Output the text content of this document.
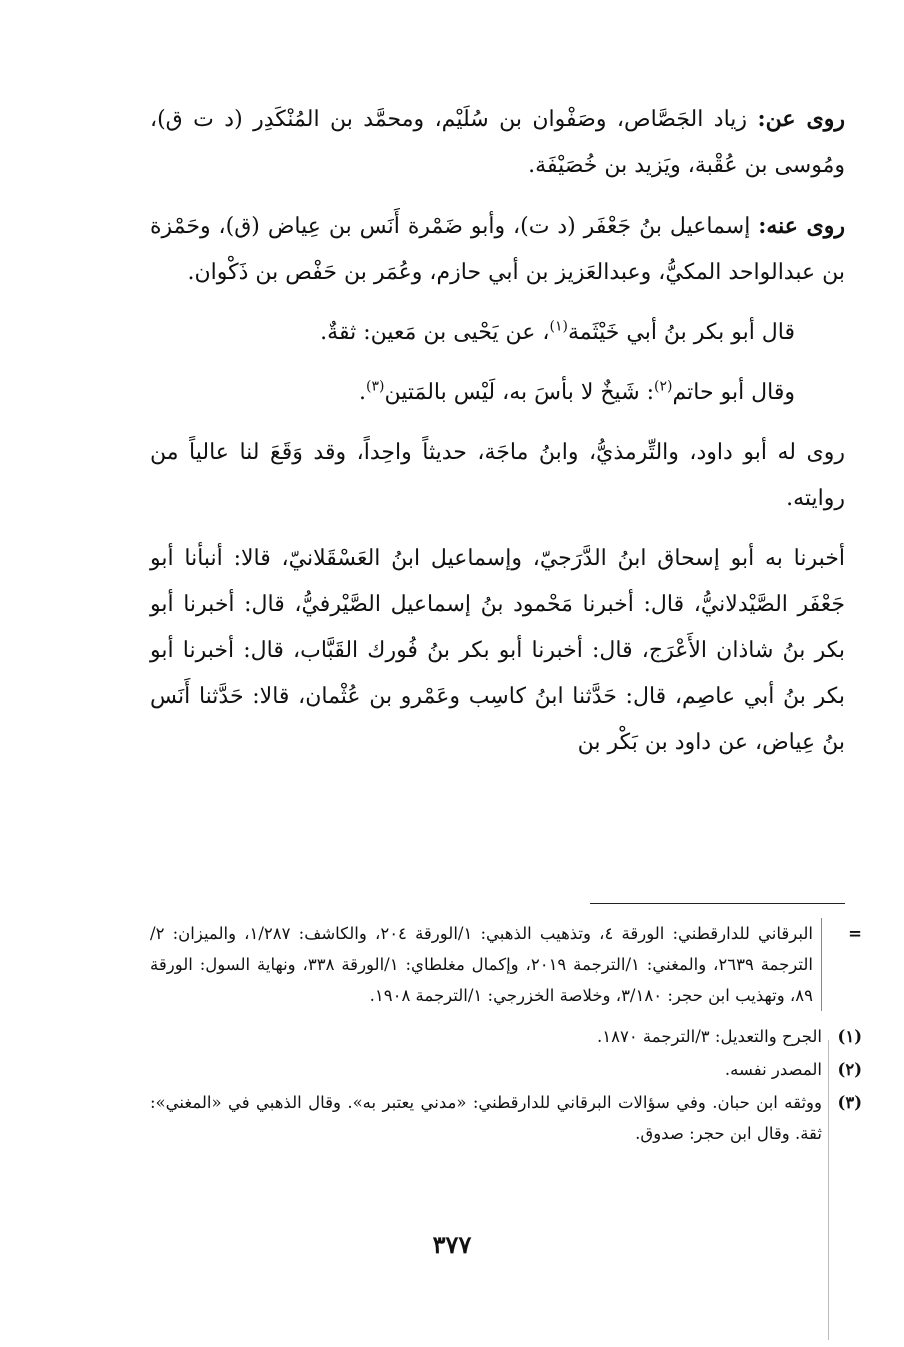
روى عن: زياد الجَصَّاص، وصَفْوان بن سُلَيْم، ومحمَّد بن المُنْكَدِر (د ت ق)، ومُوسى بن عُقْبة، ويَزيد بن خُصَيْفَة.

روى عنه: إسماعيل بنُ جَعْفَر (د ت)، وأبو ضَمْرة أَنَس بن عِياض (ق)، وحَمْزة بن عبدالواحد المكيُّ، وعبدالعَزيز بن أبي حازم، وعُمَر بن حَفْص بن ذَكْوان.

قال أبو بكر بنُ أبي خَيْثَمة$^{(١)}$، عن يَحْيى بن مَعين: ثقةٌ.

وقال أبو حاتم$^{(٢)}$: شَيخٌ لا بأسَ به، لَيْس بالمَتين$^{(٣)}$.

روى له أبو داود، والتِّرمذيُّ، وابنُ ماجَة، حديثاً واحِداً، وقد وَقَعَ لنا عالياً من روايته.

أخبرنا به أبو إسحاق ابنُ الدَّرَجيّ، وإسماعيل ابنُ العَسْقَلانيّ، قالا: أنبأنا أبو جَعْفَر الصَّيْدلانيُّ، قال: أخبرنا مَحْمود بنُ إسماعيل الصَّيْرفيُّ، قال: أخبرنا أبو بكر بنُ شاذان الأَعْرَج، قال: أخبرنا أبو بكر بنُ فُورك القَبَّاب، قال: أخبرنا أبو بكر بنُ أبي عاصِم، قال: حَدَّثنا ابنُ كاسِب وعَمْرو بن عُثْمان، قالا: حَدَّثنا أَنَس بنُ عِياض، عن داود بن بَكْر بن

=
البرقاني للدارقطني: الورقة ٤، وتذهيب الذهبي: ١/الورقة ٢٠٤، والكاشف: ١/٢٨٧، والميزان: ٢/الترجمة ٢٦٣٩، والمغني: ١/الترجمة ٢٠١٩، وإكمال مغلطاي: ١/الورقة ٣٣٨، ونهاية السول: الورقة ٨٩، وتهذيب ابن حجر: ٣/١٨٠، وخلاصة الخزرجي: ١/الترجمة ١٩٠٨.
(١)
الجرح والتعديل: ٣/الترجمة ١٨٧٠.
(٢)
المصدر نفسه.
(٣)
ووثقه ابن حبان. وفي سؤالات البرقاني للدارقطني: «مدني يعتبر به». وقال الذهبي في «المغني»: ثقة. وقال ابن حجر: صدوق.
٣٧٧
